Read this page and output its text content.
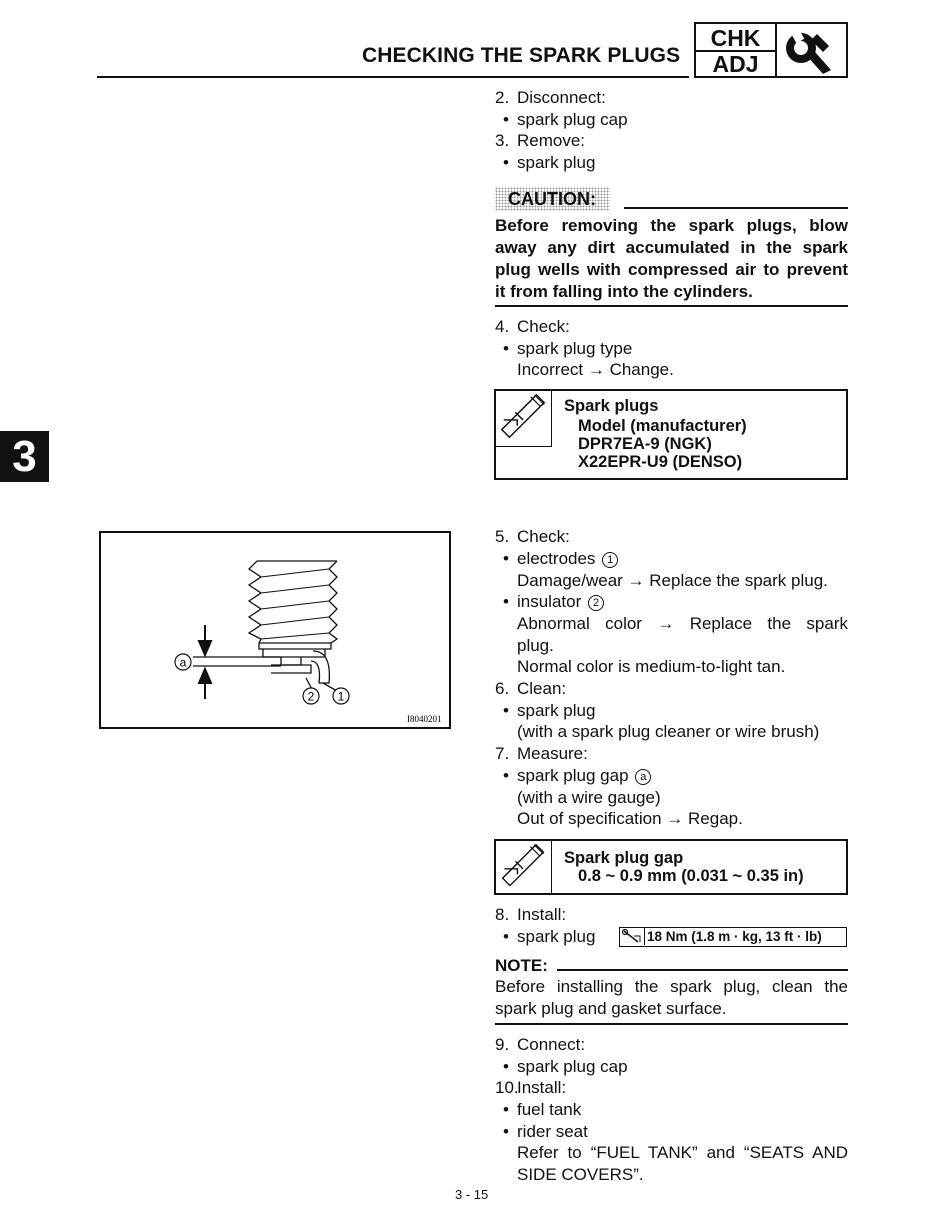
CHECKING THE SPARK PLUGS
CHK
ADJ
3
2. Disconnect:
• spark plug cap
3. Remove:
• spark plug
CAUTION:
Before removing the spark plugs, blow away any dirt accumulated in the spark plug wells with compressed air to prevent it from falling into the cylinders.
4. Check:
• spark plug type
Incorrect → Change.
Spark plugs
Model (manufacturer)
DPR7EA-9 (NGK)
X22EPR-U9 (DENSO)
a
2 1
I8040201
5. Check:
• electrodes 1
Damage/wear → Replace the spark plug.
• insulator 2
Abnormal color → Replace the spark
plug.
Normal color is medium-to-light tan.
6. Clean:
• spark plug
(with a spark plug cleaner or wire brush)
7. Measure:
• spark plug gap a
(with a wire gauge)
Out of specification → Regap.
Spark plug gap
0.8 ~ 0.9 mm (0.031 ~ 0.35 in)
8. Install:
• spark plug	18 Nm (1.8 m · kg, 13 ft · lb)
NOTE:
Before installing the spark plug, clean the spark plug and gasket surface.
9. Connect:
• spark plug cap
10.
Install:
• fuel tank
• rider seat
Refer to “FUEL TANK” and “SEATS AND
SIDE COVERS”.
3 - 15
